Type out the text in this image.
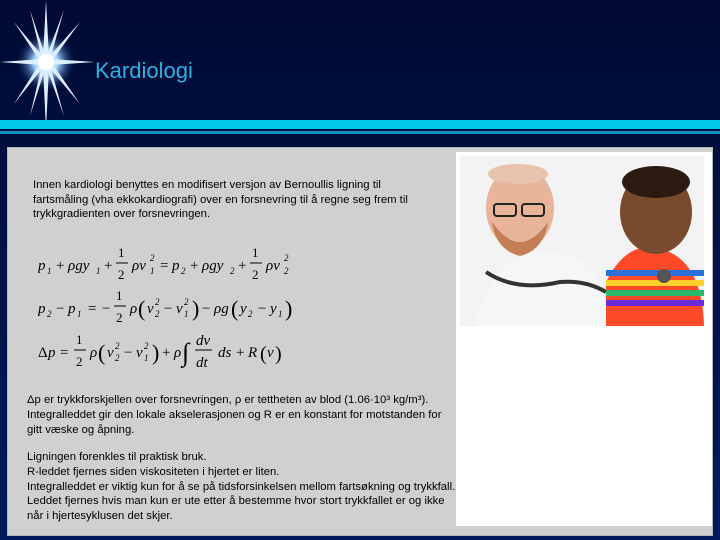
Kardiologi
Innen kardiologi benyttes en modifisert versjon av Bernoullis ligning til fartsmåling (vha ekkokardiografi) over en forsnevring til å regne seg frem til trykkgradienten over forsnevringen.
p 1 + ρgy 1 +
1
2
ρv 1
2 = p 2 + ρgy 2 +
1
2
ρv 2
2
p 2 − p 1 = −
1
2
ρ ( v 2
2 − v 1
2 ) − ρg ( y 2 − y 1 )
Δ p =
1
2
ρ ( v 2
2 − v 1
2 ) + ρ ∫ dv
dt
ds + R ( v )
Δp er trykkforskjellen over forsnevringen, ρ er tettheten av blod (1.06·10³ kg/m³). Integralleddet gir den lokale akselerasjonen og R er en konstant for motstanden for gitt væske og åpning.
Ligningen forenkles til praktisk bruk.
R-leddet fjernes siden viskositeten i hjertet er liten.
Integralleddet er viktig kun for å se på tidsforsinkelsen mellom fartsøkning og trykkfall. Leddet fjernes hvis man kun er ute etter å bestemme hvor stort trykkfallet er og ikke når i hjertesyklusen det skjer.
